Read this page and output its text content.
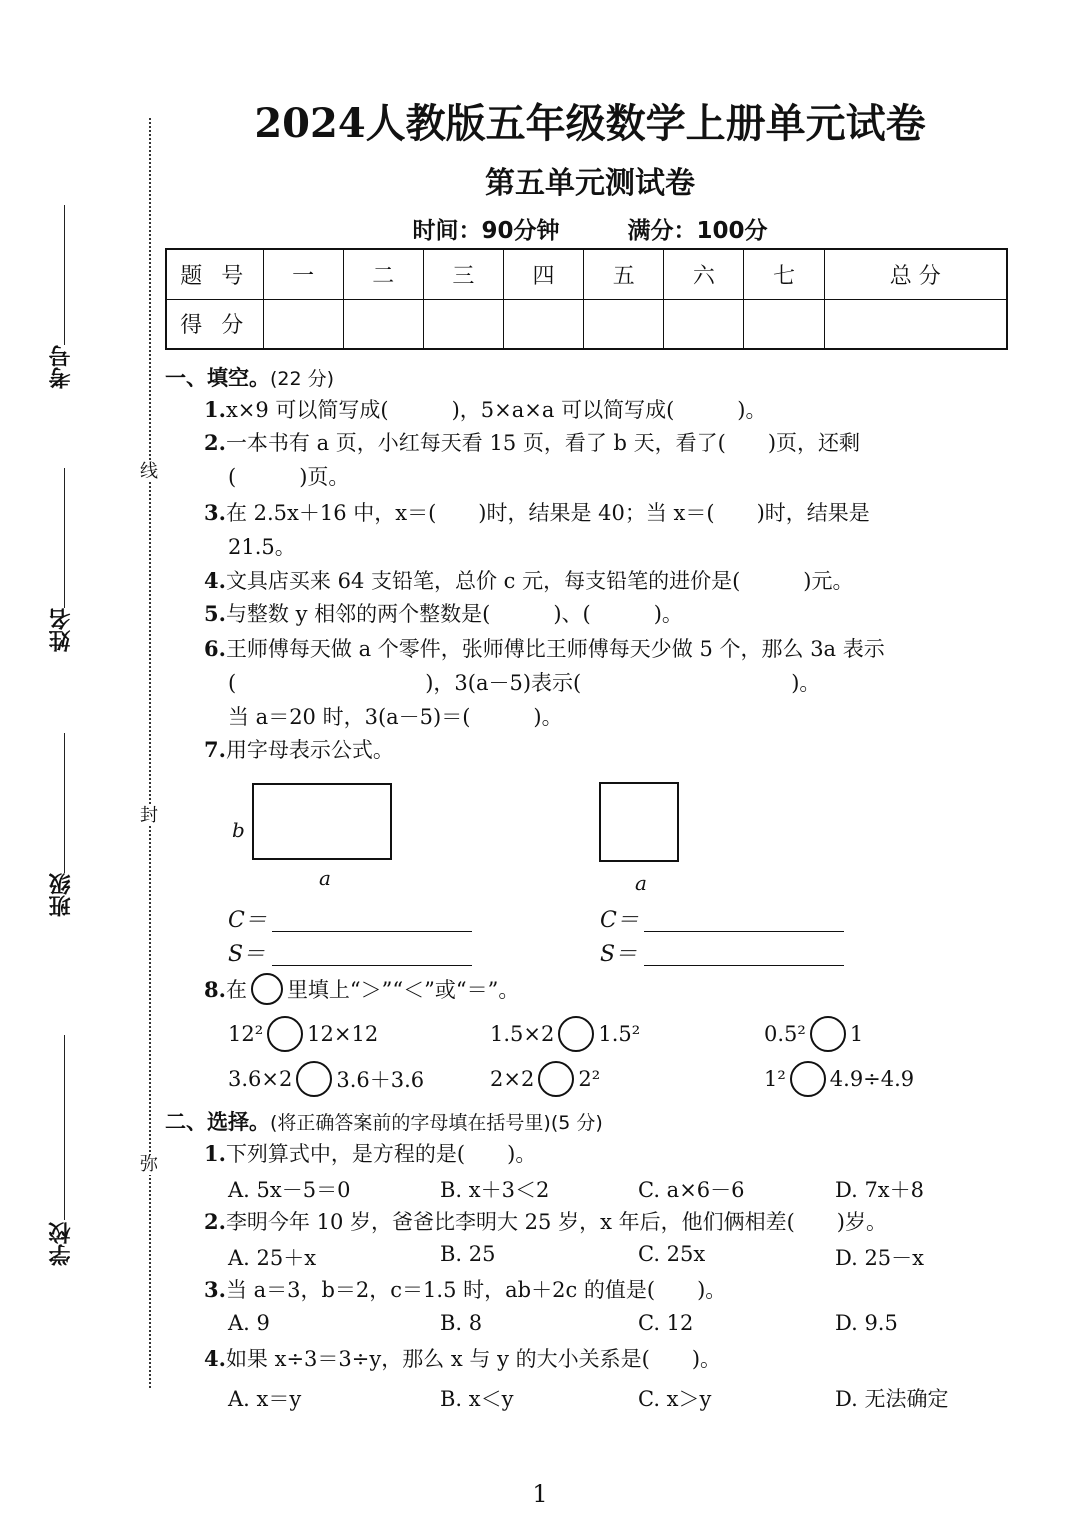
线
封
弥
考号
姓名
班级
学校
2024人教版五年级数学上册单元试卷
第五单元测试卷
时间：90分钟	满分：100分
题 号	一	二	三	四	五	六	七	总 分
得 分								
一、填空。(22 分)
1.x×9 可以简写成(　　　)，5×a×a 可以简写成(　　　)。
2.一本书有 a 页，小红每天看 15 页，看了 b 天，看了(　　)页，还剩
(　　　)页。
3.在 2.5x＋16 中，x＝(　　)时，结果是 40；当 x＝(　　)时，结果是
21.5。
4.文具店买来 64 支铅笔，总价 c 元，每支铅笔的进价是(　　　)元。
5.与整数 y 相邻的两个整数是(　　　)、(　　　)。
6.王师傅每天做 a 个零件，张师傅比王师傅每天少做 5 个，那么 3a 表示
(　　　　　　　　　)，3(a－5)表示(　　　　　　　　　　)。
当 a＝20 时，3(a－5)＝(　　　)。
7.用字母表示公式。
b
a	a
C＝
S＝
C＝
S＝
8. 在 里填上“＞”“＜”或“＝”。
12² 12×12	1.5×2 1.5²	0.5² 1
3.6×2 3.6＋3.6	2×2 2²	1² 4.9÷4.9
二、选择。(将正确答案前的字母填在括号里)(5 分)
1.下列算式中，是方程的是(　　)。
A. 5x－5＝0	B. x＋3＜2	C. a×6－6	D. 7x＋8
2.李明今年 10 岁，爸爸比李明大 25 岁，x 年后，他们俩相差(　　)岁。
A. 25＋x	B. 25	C. 25x	D. 25－x
3.当 a＝3，b＝2，c＝1.5 时，ab＋2c 的值是(　　)。
A. 9	B. 8	C. 12	D. 9.5
4.如果 x÷3＝3÷y，那么 x 与 y 的大小关系是(　　)。
A. x＝y	B. x＜y	C. x＞y	D. 无法确定
1
